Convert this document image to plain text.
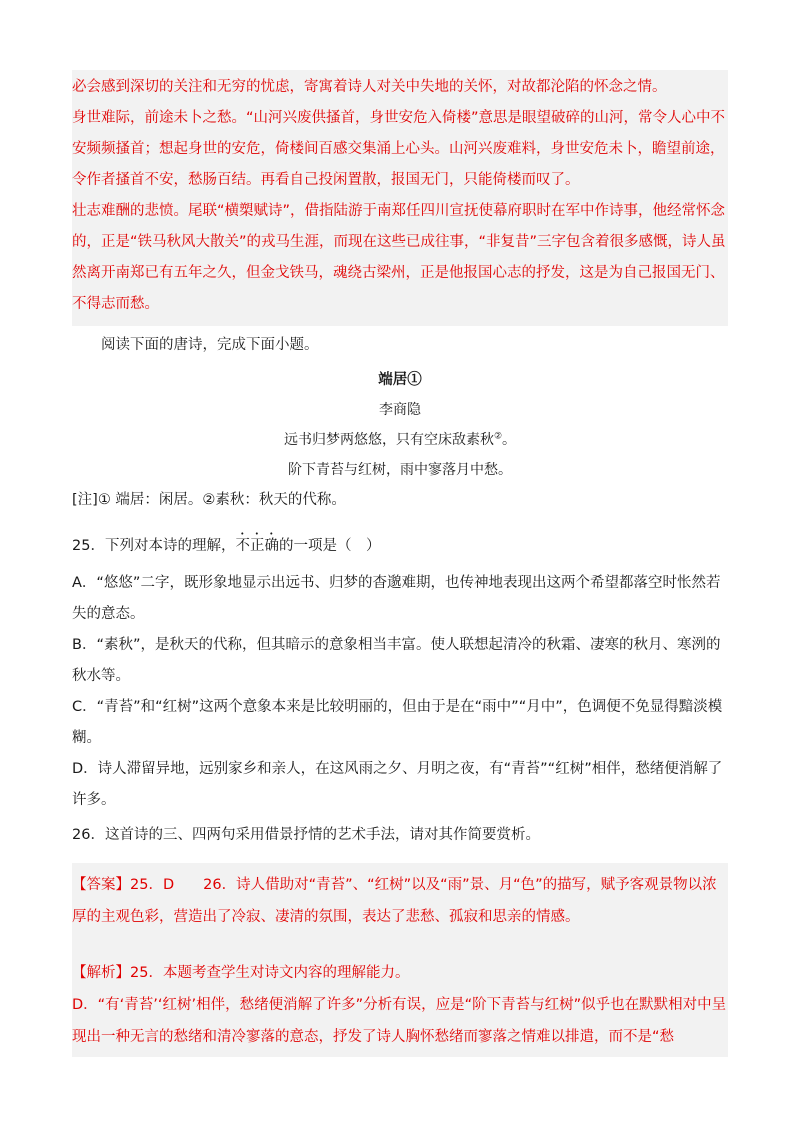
必会感到深切的关注和无穷的忧虑，寄寓着诗人对关中失地的关怀，对故都沦陷的怀念之情。

身世难际，前途未卜之愁。“山河兴废供搔首，身世安危入倚楼”意思是眼望破碎的山河，常令人心中不安频频搔首；想起身世的安危，倚楼间百感交集涌上心头。山河兴废难料，身世安危未卜，瞻望前途，令作者搔首不安，愁肠百结。再看自己投闲置散，报国无门，只能倚楼而叹了。

壮志难酬的悲愤。尾联“横槊赋诗”，借指陆游于南郑任四川宣抚使幕府职时在军中作诗事，他经常怀念的，正是“铁马秋风大散关”的戎马生涯，而现在这些已成往事，“非复昔”三字包含着很多感慨，诗人虽然离开南郑已有五年之久，但金戈铁马，魂绕古梁州，正是他报国心志的抒发，这是为自己报国无门、不得志而愁。

阅读下面的唐诗，完成下面小题。

端居①
李商隐
远书归梦两悠悠，只有空床敌素秋②。
阶下青苔与红树，雨中寥落月中愁。

[注]① 端居：闲居。②素秋：秋天的代称。

25．下列对本诗的理解，不正确的一项是（　）

A．“悠悠”二字，既形象地显示出远书、归梦的杳邈难期，也传神地表现出这两个希望都落空时怅然若失的意态。

B．“素秋”，是秋天的代称，但其暗示的意象相当丰富。使人联想起清冷的秋霜、凄寒的秋月、寒洌的秋水等。

C．“青苔”和“红树”这两个意象本来是比较明丽的，但由于是在“雨中”“月中”，色调便不免显得黯淡模糊。

D．诗人滞留异地，远别家乡和亲人，在这风雨之夕、月明之夜，有“青苔”“红树”相伴，愁绪便消解了许多。

26．这首诗的三、四两句采用借景抒情的艺术手法，请对其作简要赏析。

【答案】25．D　　26．诗人借助对“青苔”、“红树”以及“雨”景、月“色”的描写，赋予客观景物以浓厚的主观色彩，营造出了冷寂、凄清的氛围，表达了悲愁、孤寂和思亲的情感。

【解析】25．本题考查学生对诗文内容的理解能力。

D．“有‘青苔’‘红树’相伴，愁绪便消解了许多”分析有误，应是“阶下青苔与红树”似乎也在默默相对中呈现出一种无言的愁绪和清冷寥落的意态，抒发了诗人胸怀愁绪而寥落之情难以排遣，而不是“愁
